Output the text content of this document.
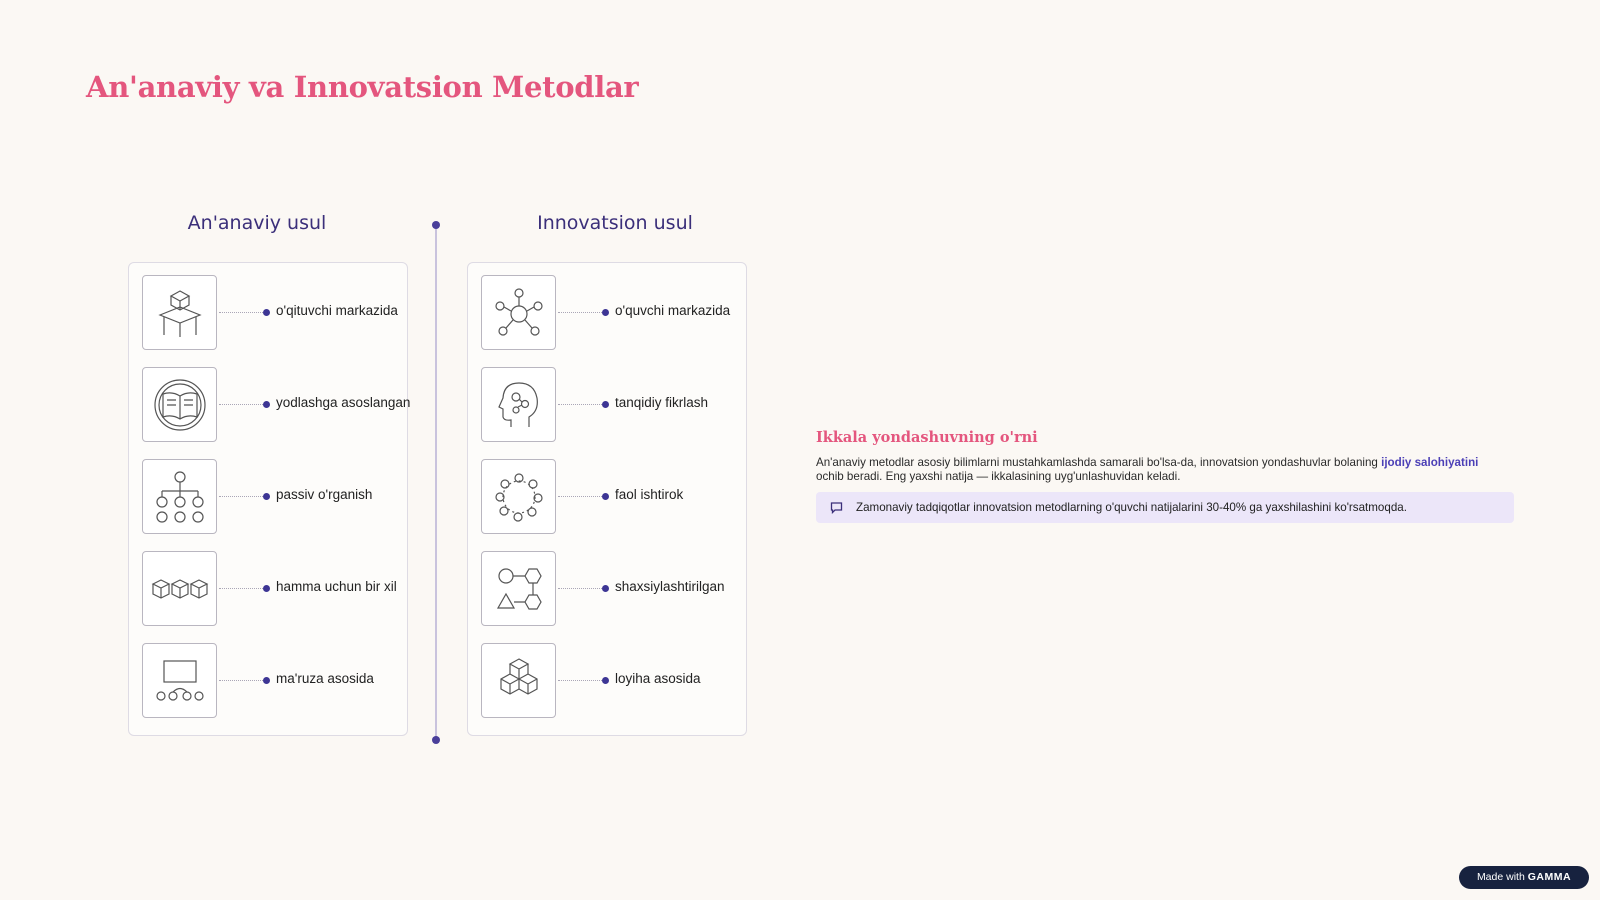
An'anaviy va Innovatsion Metodlar
An'anaviy usul	Innovatsion usul
o'qituvchi markazida
yodlashga asoslangan
passiv o'rganish
hamma uchun bir xil
ma'ruza asosida
o'quvchi markazida
tanqidiy fikrlash
faol ishtirok
shaxsiylashtirilgan
loyiha asosida
Ikkala yondashuvning o'rni

An'anaviy metodlar asosiy bilimlarni mustahkamlashda samarali bo'lsa-da, innovatsion yondashuvlar bolaning ijodiy salohiyatini ochib beradi. Eng yaxshi natija — ikkalasining uyg'unlashuvidan keladi.

Zamonaviy tadqiqotlar innovatsion metodlarning o'quvchi natijalarini 30-40% ga yaxshilashini ko'rsatmoqda.
Made with GAMMA
